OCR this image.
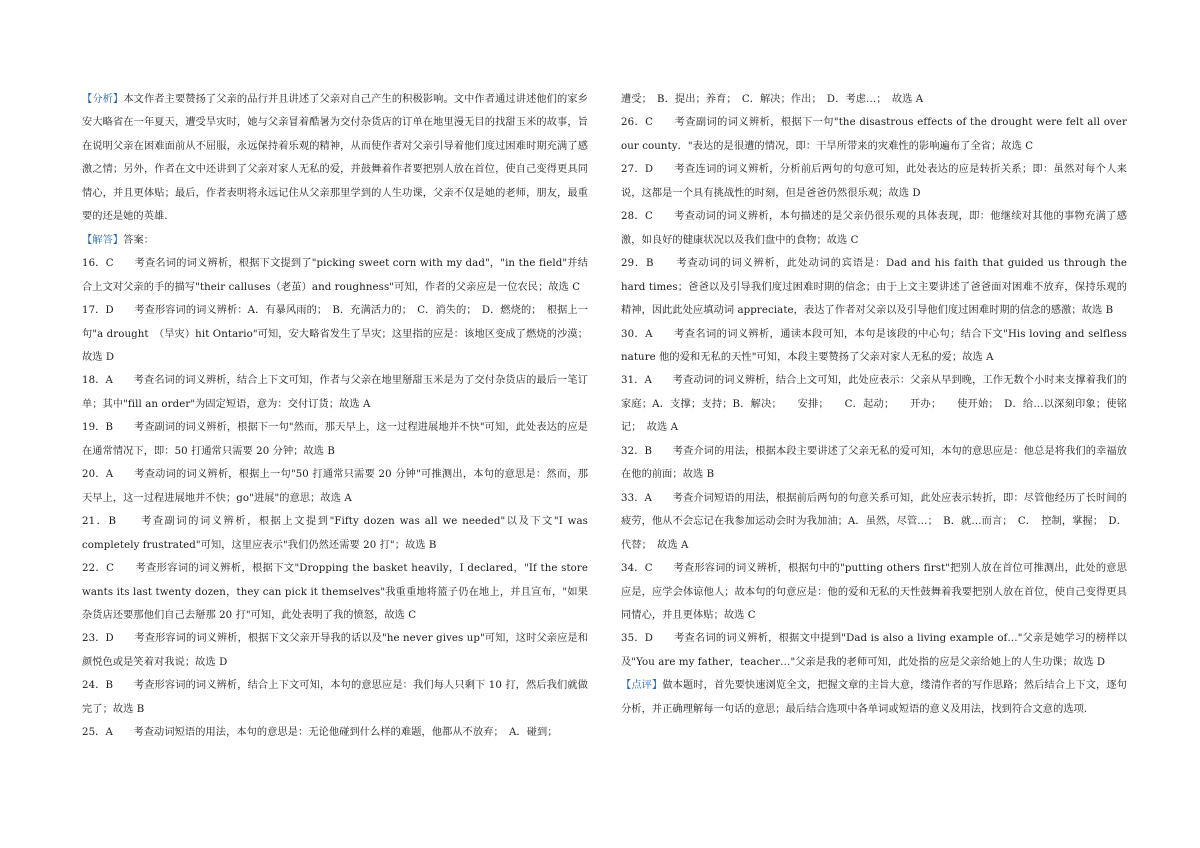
【分析】本文作者主要赞扬了父亲的品行并且讲述了父亲对自己产生的积极影响。文中作者通过讲述他们的家乡安大略省在一年夏天，遭受旱灾时，她与父亲冒着酷暑为交付杂货店的订单在地里漫无目的找甜玉米的故事，旨在说明父亲在困难面前从不屈服，永远保持着乐观的精神，从而使作者对父亲引导着他们度过困难时期充满了感激之情；另外，作者在文中还讲到了父亲对家人无私的爱，并鼓舞着作者要把别人放在首位，使自己变得更具同情心，并且更体贴；最后，作者表明将永远记住从父亲那里学到的人生功课，父亲不仅是她的老师，朋友，最重要的还是她的英雄.

【解答】答案：

16．C　　考查名词的词义辨析，根据下文提到了"picking sweet corn with my dad"，"in the field"并结合上文对父亲的手的描写"their calluses（老茧）and roughness"可知，作者的父亲应是一位农民；故选 C

17．D　　考查形容词的词义辨析：A．有暴风雨的；　B．充满活力的；　C．消失的；　D．燃烧的；　根据上一句"a drought　（旱灾）hit Ontario"可知，安大略省发生了旱灾；这里指的应是：该地区变成了燃烧的沙漠；故选 D

18．A　　考查名词的词义辨析，结合上下文可知，作者与父亲在地里掰甜玉米是为了交付杂货店的最后一笔订单；其中"fill an order"为固定短语，意为：交付订货；故选 A

19．B　　考查副词的词义辨析，根据下一句"然而，那天早上，这一过程进展地并不快"可知，此处表达的应是在通常情况下，即：50 打通常只需要 20 分钟；故选 B

20．A　　考查动词的词义辨析，根据上一句"50 打通常只需要 20 分钟"可推测出，本句的意思是：然而，那天早上，这一过程进展地并不快；go"进展"的意思；故选 A

21．B　　考查副词的词义辨析，根据上文提到"Fifty dozen was all we needed"以及下文"I was completely frustrated"可知，这里应表示"我们仍然还需要 20 打"；故选 B

22．C　　考查形容词的词义辨析，根据下文"Dropping the basket heavily，I declared，"If the store wants its last twenty dozen，they can pick it themselves"我重重地将篮子仍在地上，并且宣布，"如果杂货店还要那他们自己去掰那 20 打"可知，此处表明了我的愤怒，故选 C

23．D　　考查形容词的词义辨析，根据下文父亲开导我的话以及"he never gives up"可知，这时父亲应是和颜悦色或是笑着对我说；故选 D

24．B　　考查形容词的词义辨析，结合上下文可知，本句的意思应是：我们每人只剩下 10 打，然后我们就做完了；故选 B

25．A　　考查动词短语的用法，本句的意思是：无论他碰到什么样的难题，他都从不放弃；　A．碰到；

遭受；　B．提出；养育；　C．解决；作出；　D．考虑…；　故选 A

26．C　　考查副词的词义辨析，根据下一句"the disastrous effects of the drought were felt all over our county．"表达的是很遭的情况，即：干旱所带来的灾难性的影响遍布了全省；故选 C

27．D　　考查连词的词义辨析，分析前后两句的句意可知，此处表达的应是转折关系；即：虽然对每个人来说，这都是一个具有挑战性的时刻，但是爸爸仍然很乐观；故选 D

28．C　　考查动词的词义辨析，本句描述的是父亲仍很乐观的具体表现，即：他继续对其他的事物充满了感激，如良好的健康状况以及我们盘中的食物；故选 C

29．B　　考查动词的词义辨析，此处动词的宾语是：Dad and his faith that guided us through the hard times；爸爸以及引导我们度过困难时期的信念；由于上文主要讲述了爸爸面对困难不放弃，保持乐观的精神，因此此处应填动词 appreciate，表达了作者对父亲以及引导他们度过困难时期的信念的感激；故选 B

30．A　　考查名词的词义辨析，通读本段可知，本句是该段的中心句；结合下文"His loving and selfless nature 他的爱和无私的天性"可知，本段主要赞扬了父亲对家人无私的爱；故选 A

31．A　　考查动词的词义辨析，结合上文可知，此处应表示：父亲从早到晚，工作无数个小时来支撑着我们的家庭；A．支撑；支持；B．解决；　　安排；　　C．起动；　　开办；　　使开始；　D．给…以深刻印象；使铭记；　故选 A

32．B　　考查介词的用法，根据本段主要讲述了父亲无私的爱可知，本句的意思应是：他总是将我们的幸福放在他的前面；故选 B

33．A　　考查介词短语的用法，根据前后两句的句意关系可知，此处应表示转折，即：尽管他经历了长时间的疲劳，他从不会忘记在我参加运动会时为我加油；A．虽然，尽管…；　B．就…而言；　C．　控制，掌握；　D．代替；　故选 A

34．C　　考查形容词的词义辨析，根据句中的"putting others first"把别人放在首位可推测出，此处的意思应是，应学会体谅他人；故本句的句意应是：他的爱和无私的天性鼓舞着我要把别人放在首位，使自己变得更具同情心，并且更体贴；故选 C

35．D　　考查名词的词义辨析，根据文中提到"Dad is also a living example of…"父亲是她学习的榜样以及"You are my father，teacher…"父亲是我的老师可知，此处指的应是父亲给她上的人生功课；故选 D

【点评】做本题时，首先要快速浏览全文，把握文章的主旨大意，缕清作者的写作思路；然后结合上下文，逐句分析，并正确理解每一句话的意思；最后结合选项中各单词或短语的意义及用法，找到符合文意的选项.
